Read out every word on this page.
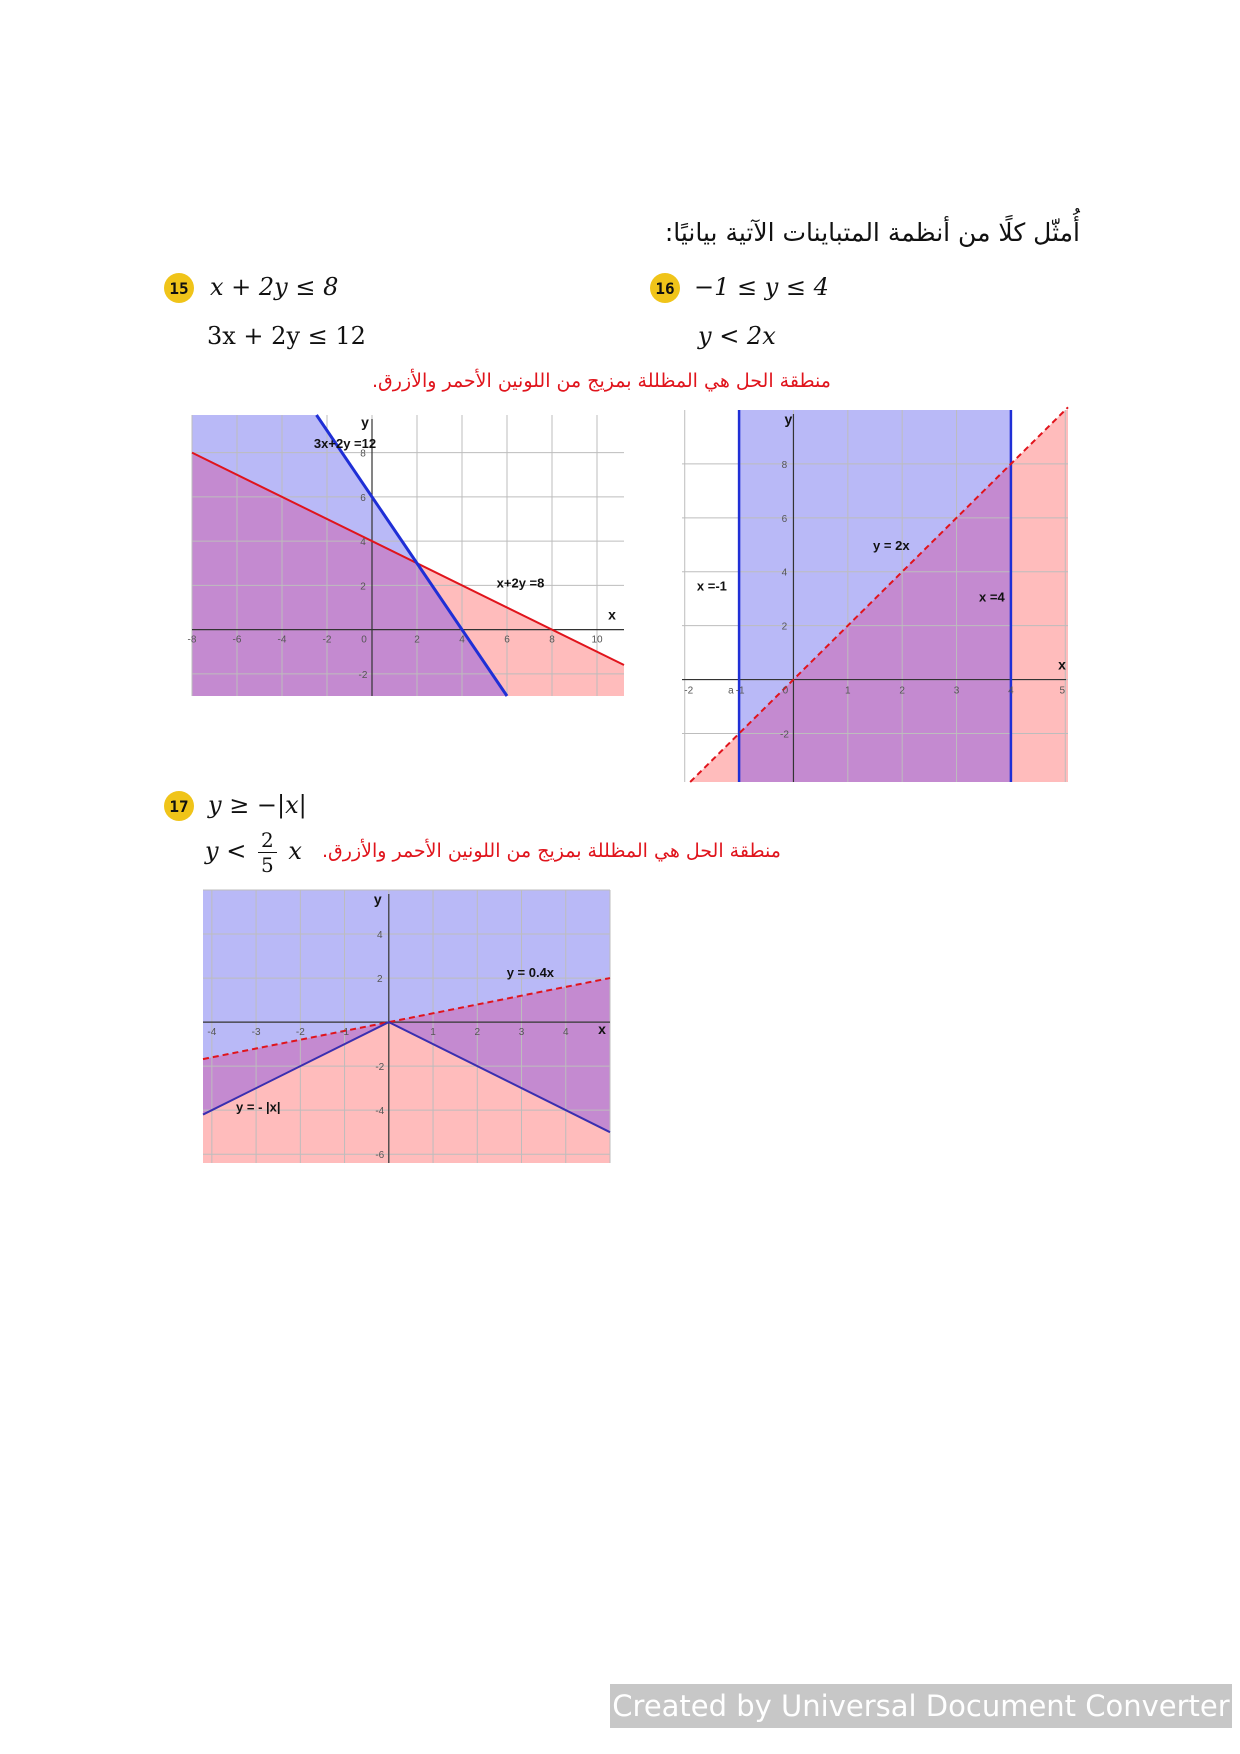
أُمثّل كلًا من أنظمة المتباينات الآتية بيانيًا:
15 x + 2y ≤ 8
3x + 2y ≤ 12
16 −1 ≤ y ≤ 4
y < 2x
منطقة الحل هي المظللة بمزيج من اللونين الأحمر والأزرق.
-8	-6	-4	-2	0	2	4	6	8	10
8
6
4
2
-2
x
y
3x+2y =12
x+2y =8
-2	a -1	0	1	2	3	4	5
8
6
4
2
-2
x
y
x =-1
x =4
y = 2x
17 y ≥ −|x|
$y < \frac{2}{5}$ x منطقة الحل هي المظللة بمزيج من اللونين الأحمر والأزرق.
-4	-3	-2	-1	1	2	3	4
4
2
-2
-4
-6
x
y
y = 0.4x
y = - |x|
Created by Universal Document Converter
